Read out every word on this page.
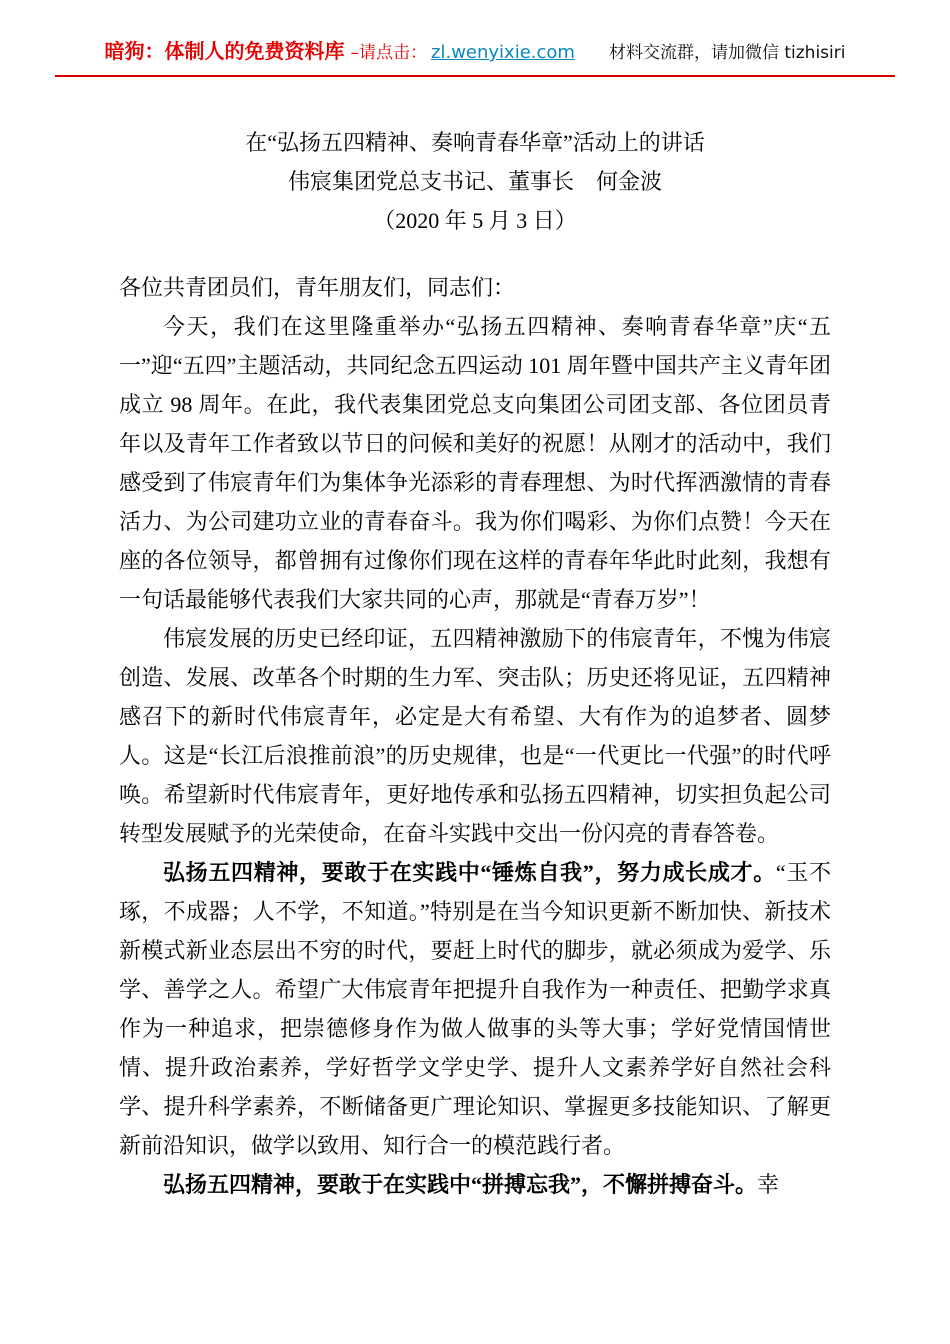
暗狗：体制人的免费资料库 –请点击： zl.wenyixie.com 材料交流群，请加微信 tizhisiri
在“弘扬五四精神、奏响青春华章”活动上的讲话
伟宸集团党总支书记、董事长　何金波
（2020 年 5 月 3 日）

各位共青团员们，青年朋友们，同志们：

今天，我们在这里隆重举办“弘扬五四精神、奏响青春华章”庆“五一”迎“五四”主题活动，共同纪念五四运动 101 周年暨中国共产主义青年团成立 98 周年。在此，我代表集团党总支向集团公司团支部、各位团员青年以及青年工作者致以节日的问候和美好的祝愿！从刚才的活动中，我们感受到了伟宸青年们为集体争光添彩的青春理想、为时代挥洒激情的青春活力、为公司建功立业的青春奋斗。我为你们喝彩、为你们点赞！今天在座的各位领导，都曾拥有过像你们现在这样的青春年华此时此刻，我想有一句话最能够代表我们大家共同的心声，那就是“青春万岁”！

伟宸发展的历史已经印证，五四精神激励下的伟宸青年，不愧为伟宸创造、发展、改革各个时期的生力军、突击队；历史还将见证，五四精神感召下的新时代伟宸青年，必定是大有希望、大有作为的追梦者、圆梦人。这是“长江后浪推前浪”的历史规律，也是“一代更比一代强”的时代呼唤。希望新时代伟宸青年，更好地传承和弘扬五四精神，切实担负起公司转型发展赋予的光荣使命，在奋斗实践中交出一份闪亮的青春答卷。

弘扬五四精神，要敢于在实践中“锤炼自我”，努力成长成才。“玉不琢，不成器；人不学，不知道。”特别是在当今知识更新不断加快、新技术新模式新业态层出不穷的时代，要赶上时代的脚步，就必须成为爱学、乐学、善学之人。希望广大伟宸青年把提升自我作为一种责任、把勤学求真作为一种追求，把崇德修身作为做人做事的头等大事；学好党情国情世情、提升政治素养，学好哲学文学史学、提升人文素养学好自然社会科学、提升科学素养，不断储备更广理论知识、掌握更多技能知识、了解更新前沿知识，做学以致用、知行合一的模范践行者。

弘扬五四精神，要敢于在实践中“拼搏忘我”，不懈拼搏奋斗。幸
